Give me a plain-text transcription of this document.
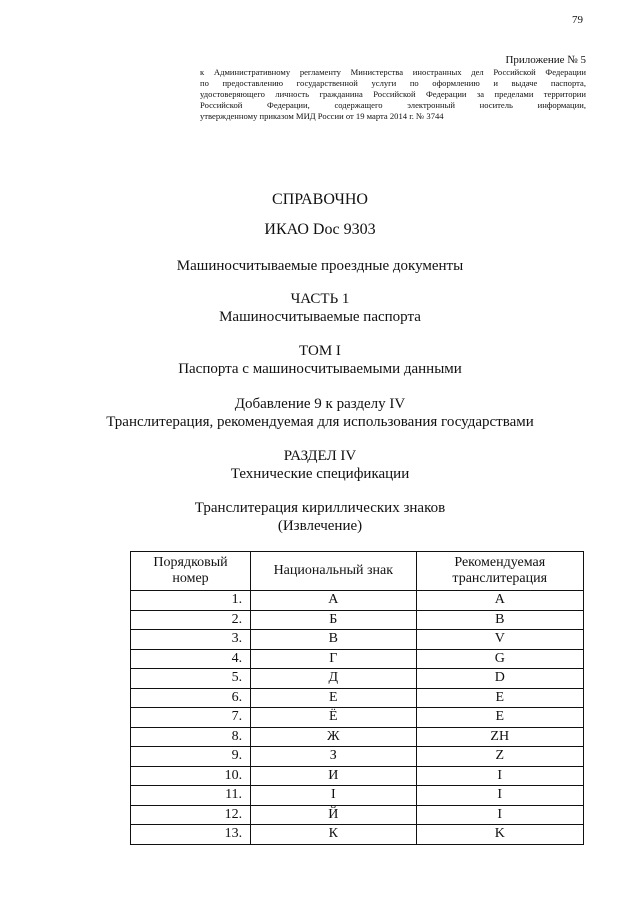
79
Приложение № 5
к Административному регламенту Министерства иностранных дел Российской Федерации
по предоставлению государственной услуги по оформлению и выдаче паспорта,
удостоверяющего личность гражданина Российской Федерации за пределами территории
Российской Федерации, содержащего электронный носитель информации,
утвержденному приказом МИД России от 19 марта 2014 г. № 3744
СПРАВОЧНО
ИКАО Doc 9303
Машиносчитываемые проездные документы
ЧАСТЬ 1
Машиносчитываемые паспорта
ТОМ I
Паспорта с машиносчитываемыми данными
Добавление 9 к разделу IV
Транслитерация, рекомендуемая для использования государствами
РАЗДЕЛ IV
Технические спецификации
Транслитерация кириллических знаков
(Извлечение)
Порядковый
номер	Национальный знак	Рекомендуемая
транслитерация
1.	А	A
2.	Б	B
3.	В	V
4.	Г	G
5.	Д	D
6.	Е	E
7.	Ё	E
8.	Ж	ZH
9.	З	Z
10.	И	I
11.	І	I
12.	Й	I
13.	К	K
